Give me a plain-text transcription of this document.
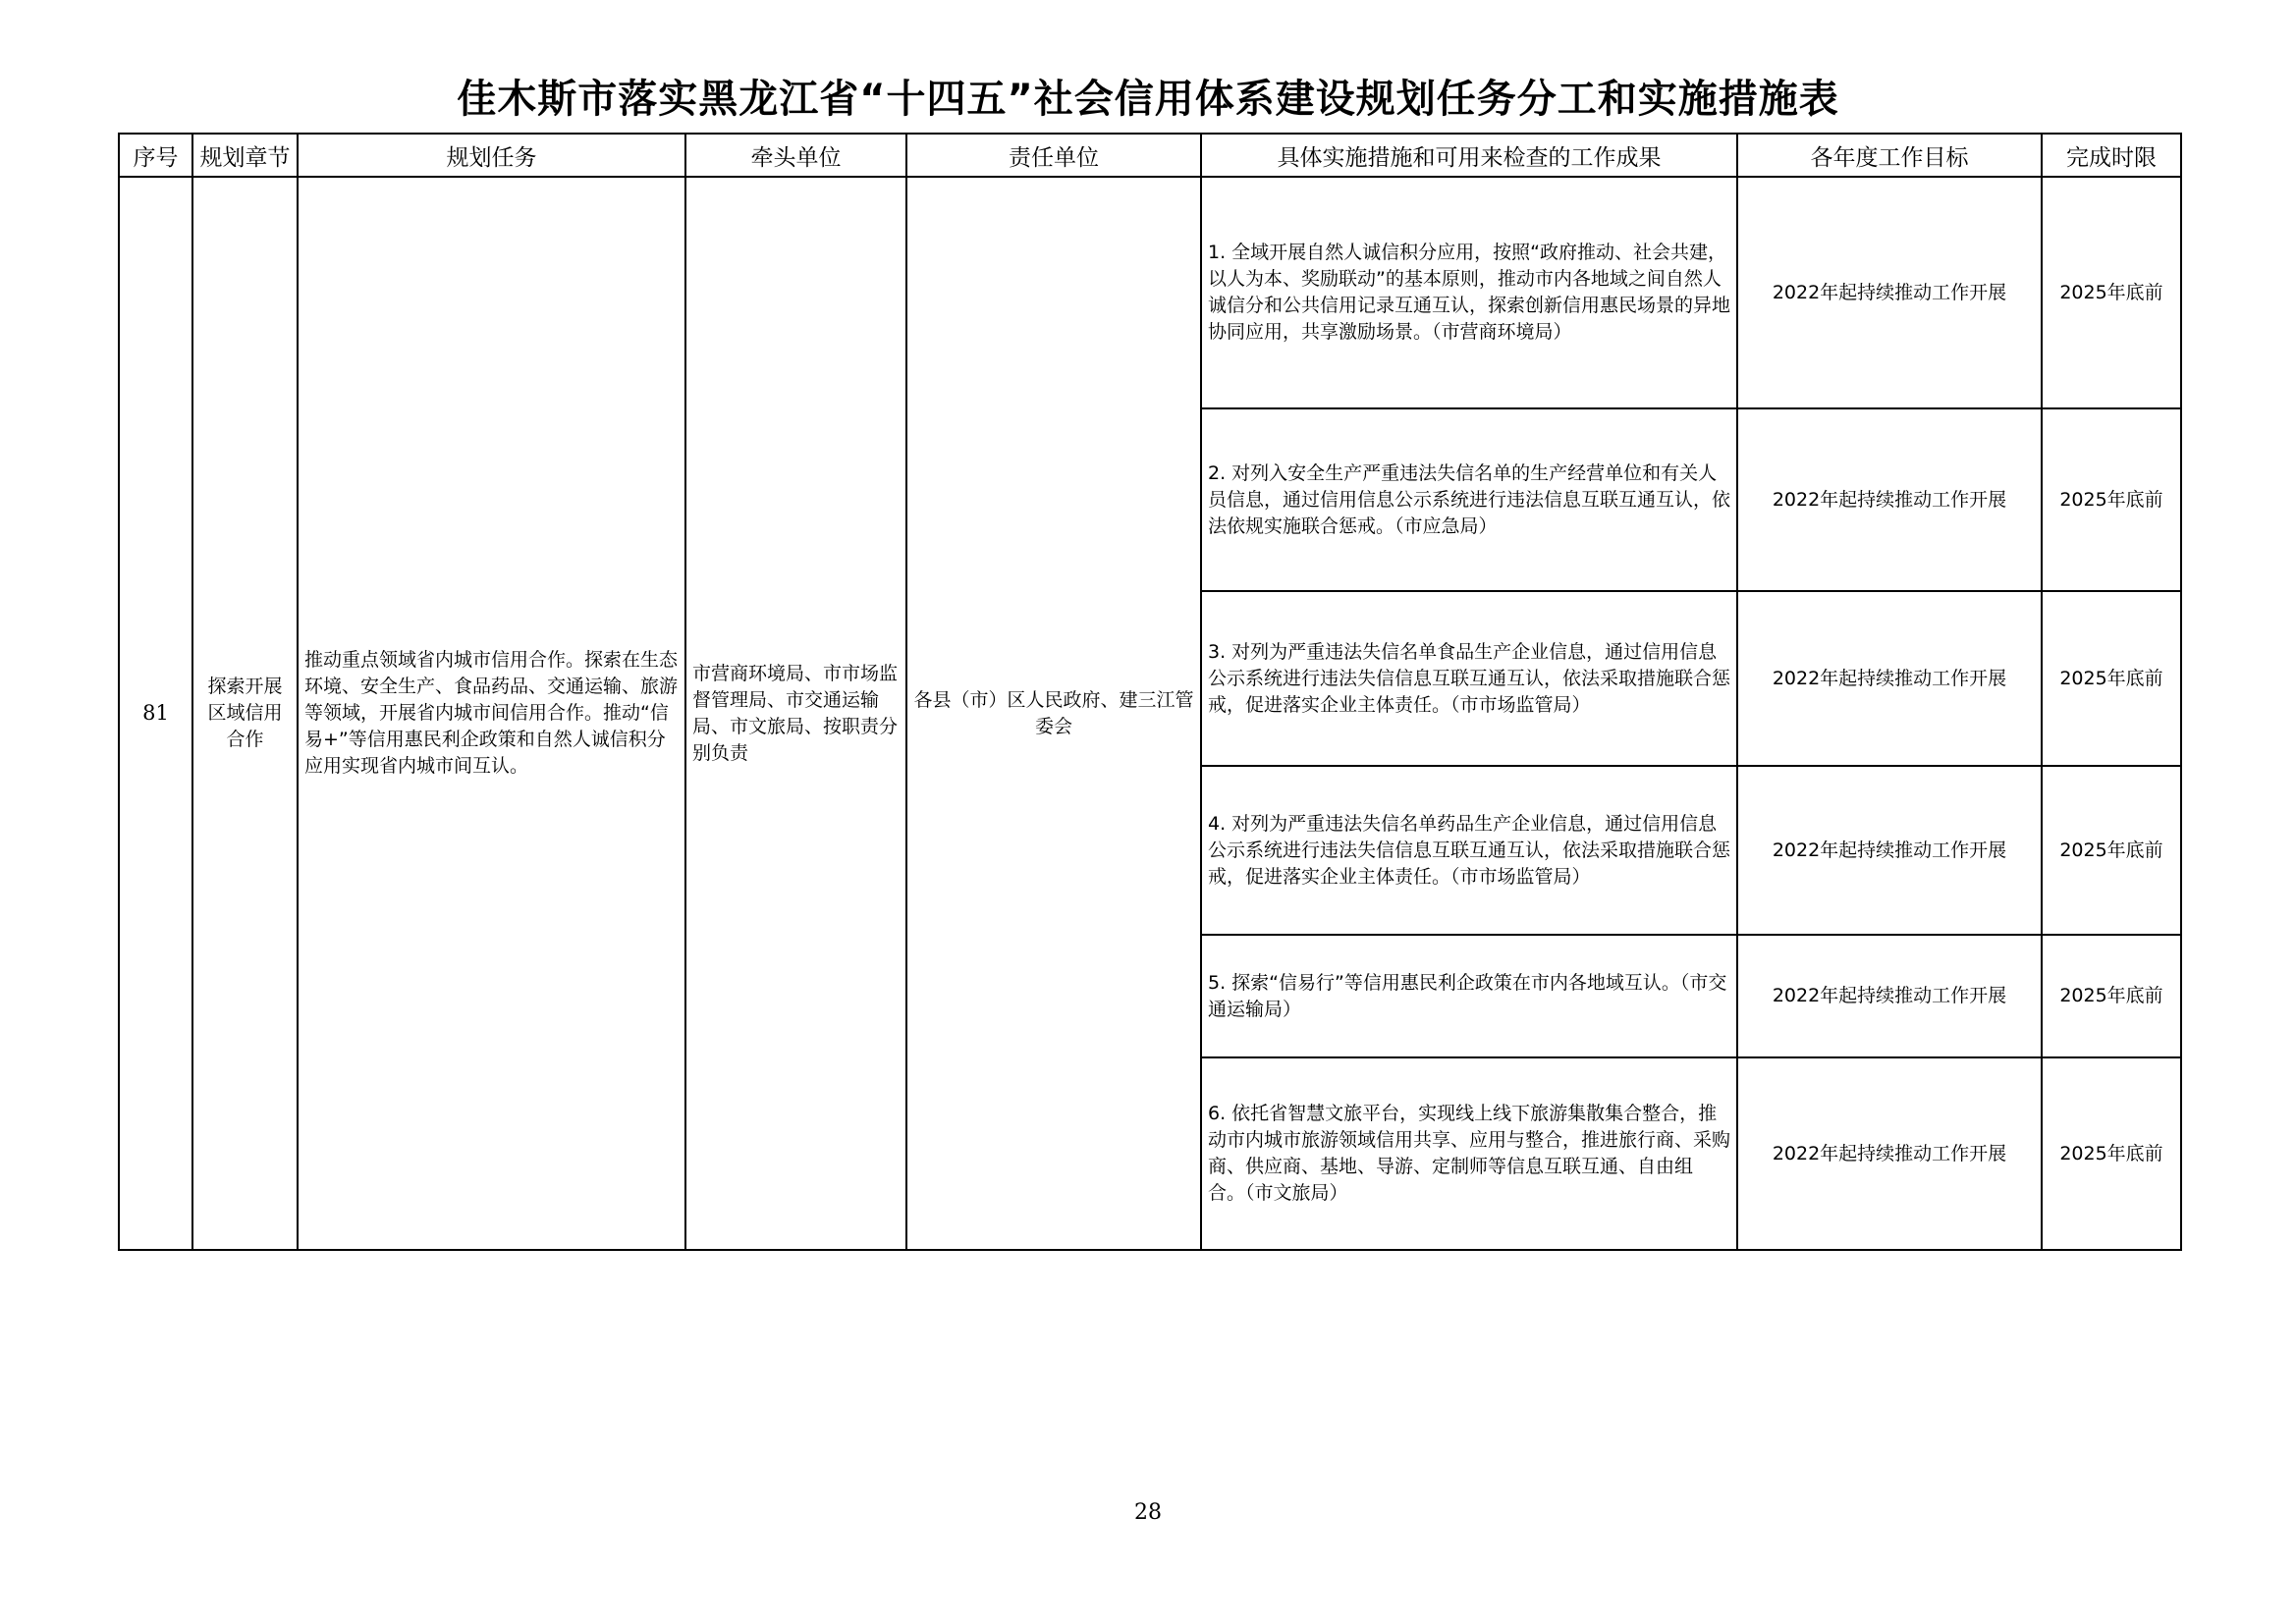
佳木斯市落实黑龙江省“十四五”社会信用体系建设规划任务分工和实施措施表
序号	规划章节	规划任务	牵头单位	责任单位	具体实施措施和可用来检查的工作成果	各年度工作目标	完成时限
81	探索开展区域信用合作	推动重点领域省内城市信用合作。探索在生态环境、安全生产、食品药品、交通运输、旅游等领域，开展省内城市间信用合作。推动“信易+”等信用惠民利企政策和自然人诚信积分应用实现省内城市间互认。	市营商环境局、市市场监督管理局、市交通运输局、市文旅局、按职责分别负责	各县（市）区人民政府、建三江管委会	1. 全域开展自然人诚信积分应用，按照“政府推动、社会共建，以人为本、奖励联动”的基本原则，推动市内各地域之间自然人诚信分和公共信用记录互通互认，探索创新信用惠民场景的异地协同应用，共享激励场景。（市营商环境局）	2022年起持续推动工作开展	2025年底前
					2. 对列入安全生产严重违法失信名单的生产经营单位和有关人员信息，通过信用信息公示系统进行违法信息互联互通互认，依法依规实施联合惩戒。（市应急局）	2022年起持续推动工作开展	2025年底前
					3. 对列为严重违法失信名单食品生产企业信息，通过信用信息公示系统进行违法失信信息互联互通互认，依法采取措施联合惩戒，促进落实企业主体责任。（市市场监管局）	2022年起持续推动工作开展	2025年底前
					4. 对列为严重违法失信名单药品生产企业信息，通过信用信息公示系统进行违法失信信息互联互通互认，依法采取措施联合惩戒，促进落实企业主体责任。（市市场监管局）	2022年起持续推动工作开展	2025年底前
					5. 探索“信易行”等信用惠民利企政策在市内各地域互认。（市交通运输局）	2022年起持续推动工作开展	2025年底前
					6. 依托省智慧文旅平台，实现线上线下旅游集散集合整合，推动市内城市旅游领域信用共享、应用与整合，推进旅行商、采购商、供应商、基地、导游、定制师等信息互联互通、自由组合。（市文旅局）	2022年起持续推动工作开展	2025年底前
28
